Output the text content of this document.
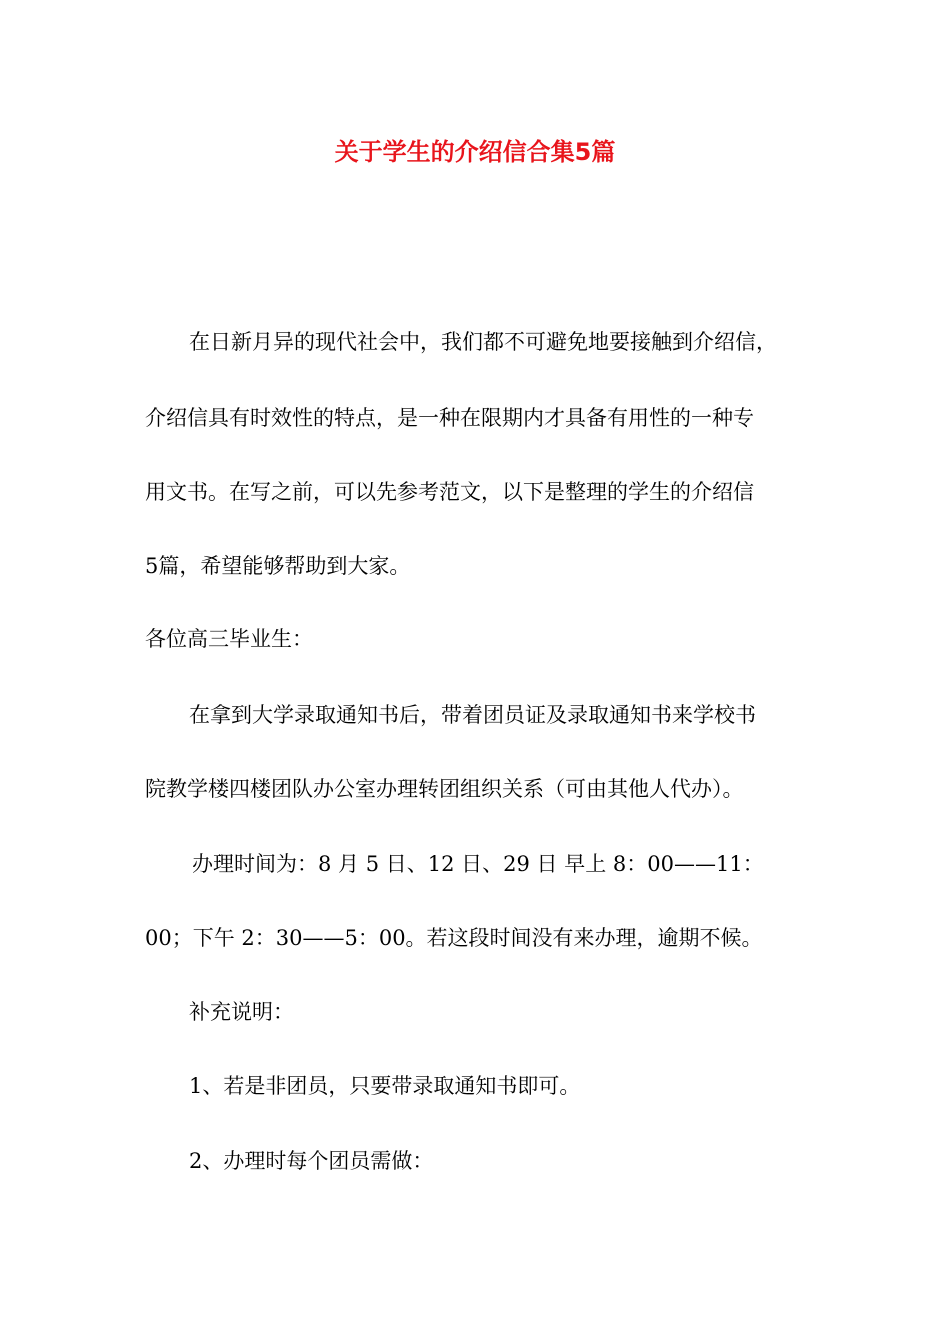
关于学生的介绍信合集5篇

在日新月异的现代社会中，我们都不可避免地要接触到介绍信，

介绍信具有时效性的特点，是一种在限期内才具备有用性的一种专

用文书。在写之前，可以先参考范文，以下是整理的学生的介绍信

5篇，希望能够帮助到大家。

各位高三毕业生：

在拿到大学录取通知书后，带着团员证及录取通知书来学校书

院教学楼四楼团队办公室办理转团组织关系（可由其他人代办）。

办理时间为：8 月 5 日、12 日、29 日 早上 8：00——11：

00；下午 2：30——5：00。若这段时间没有来办理，逾期不候。

补充说明：

1、若是非团员，只要带录取通知书即可。

2、办理时每个团员需做：
